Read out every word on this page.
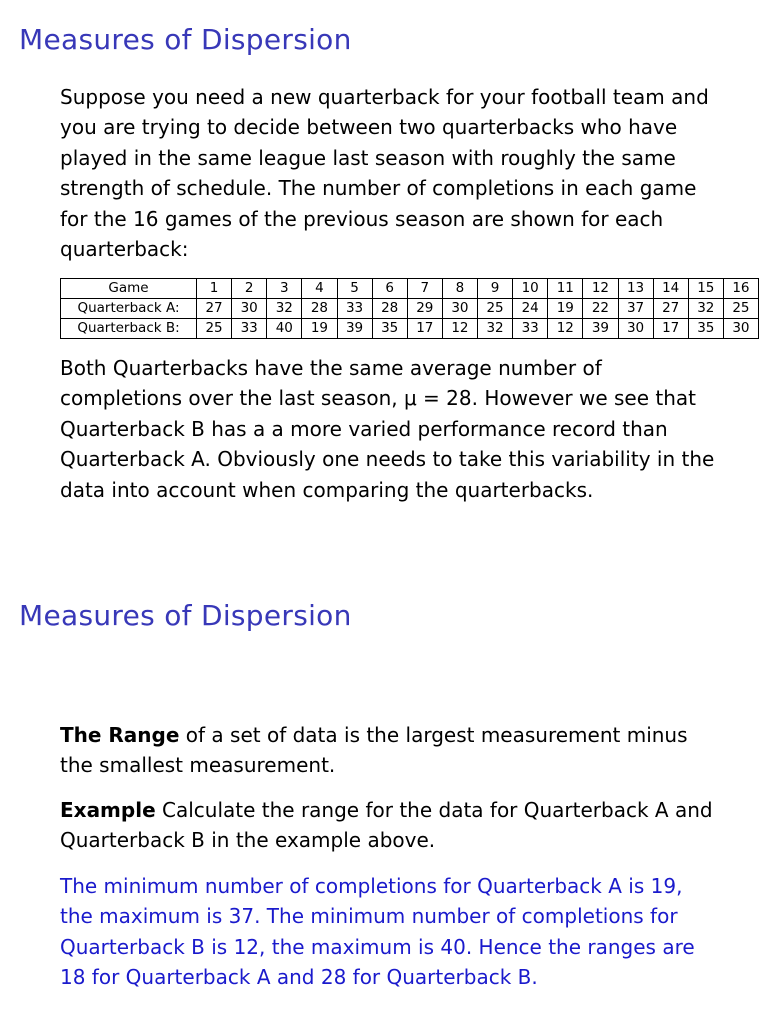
Measures of Dispersion

Suppose you need a new quarterback for your football team and you are trying to decide between two quarterbacks who have played in the same league last season with roughly the same strength of schedule. The number of completions in each game for the 16 games of the previous season are shown for each quarterback:

Game	1	2	3	4	5	6	7	8	9	10	11	12	13	14	15	16
Quarterback A:	27	30	32	28	33	28	29	30	25	24	19	22	37	27	32	25
Quarterback B:	25	33	40	19	39	35	17	12	32	33	12	39	30	17	35	30

Both Quarterbacks have the same average number of completions over the last season, μ = 28. However we see that Quarterback B has a a more varied performance record than Quarterback A. Obviously one needs to take this variability in the data into account when comparing the quarterbacks.

Measures of Dispersion

The Range of a set of data is the largest measurement minus the smallest measurement.

Example Calculate the range for the data for Quarterback A and Quarterback B in the example above.

The minimum number of completions for Quarterback A is 19, the maximum is 37. The minimum number of completions for Quarterback B is 12, the maximum is 40. Hence the ranges are 18 for Quarterback A and 28 for Quarterback B.
